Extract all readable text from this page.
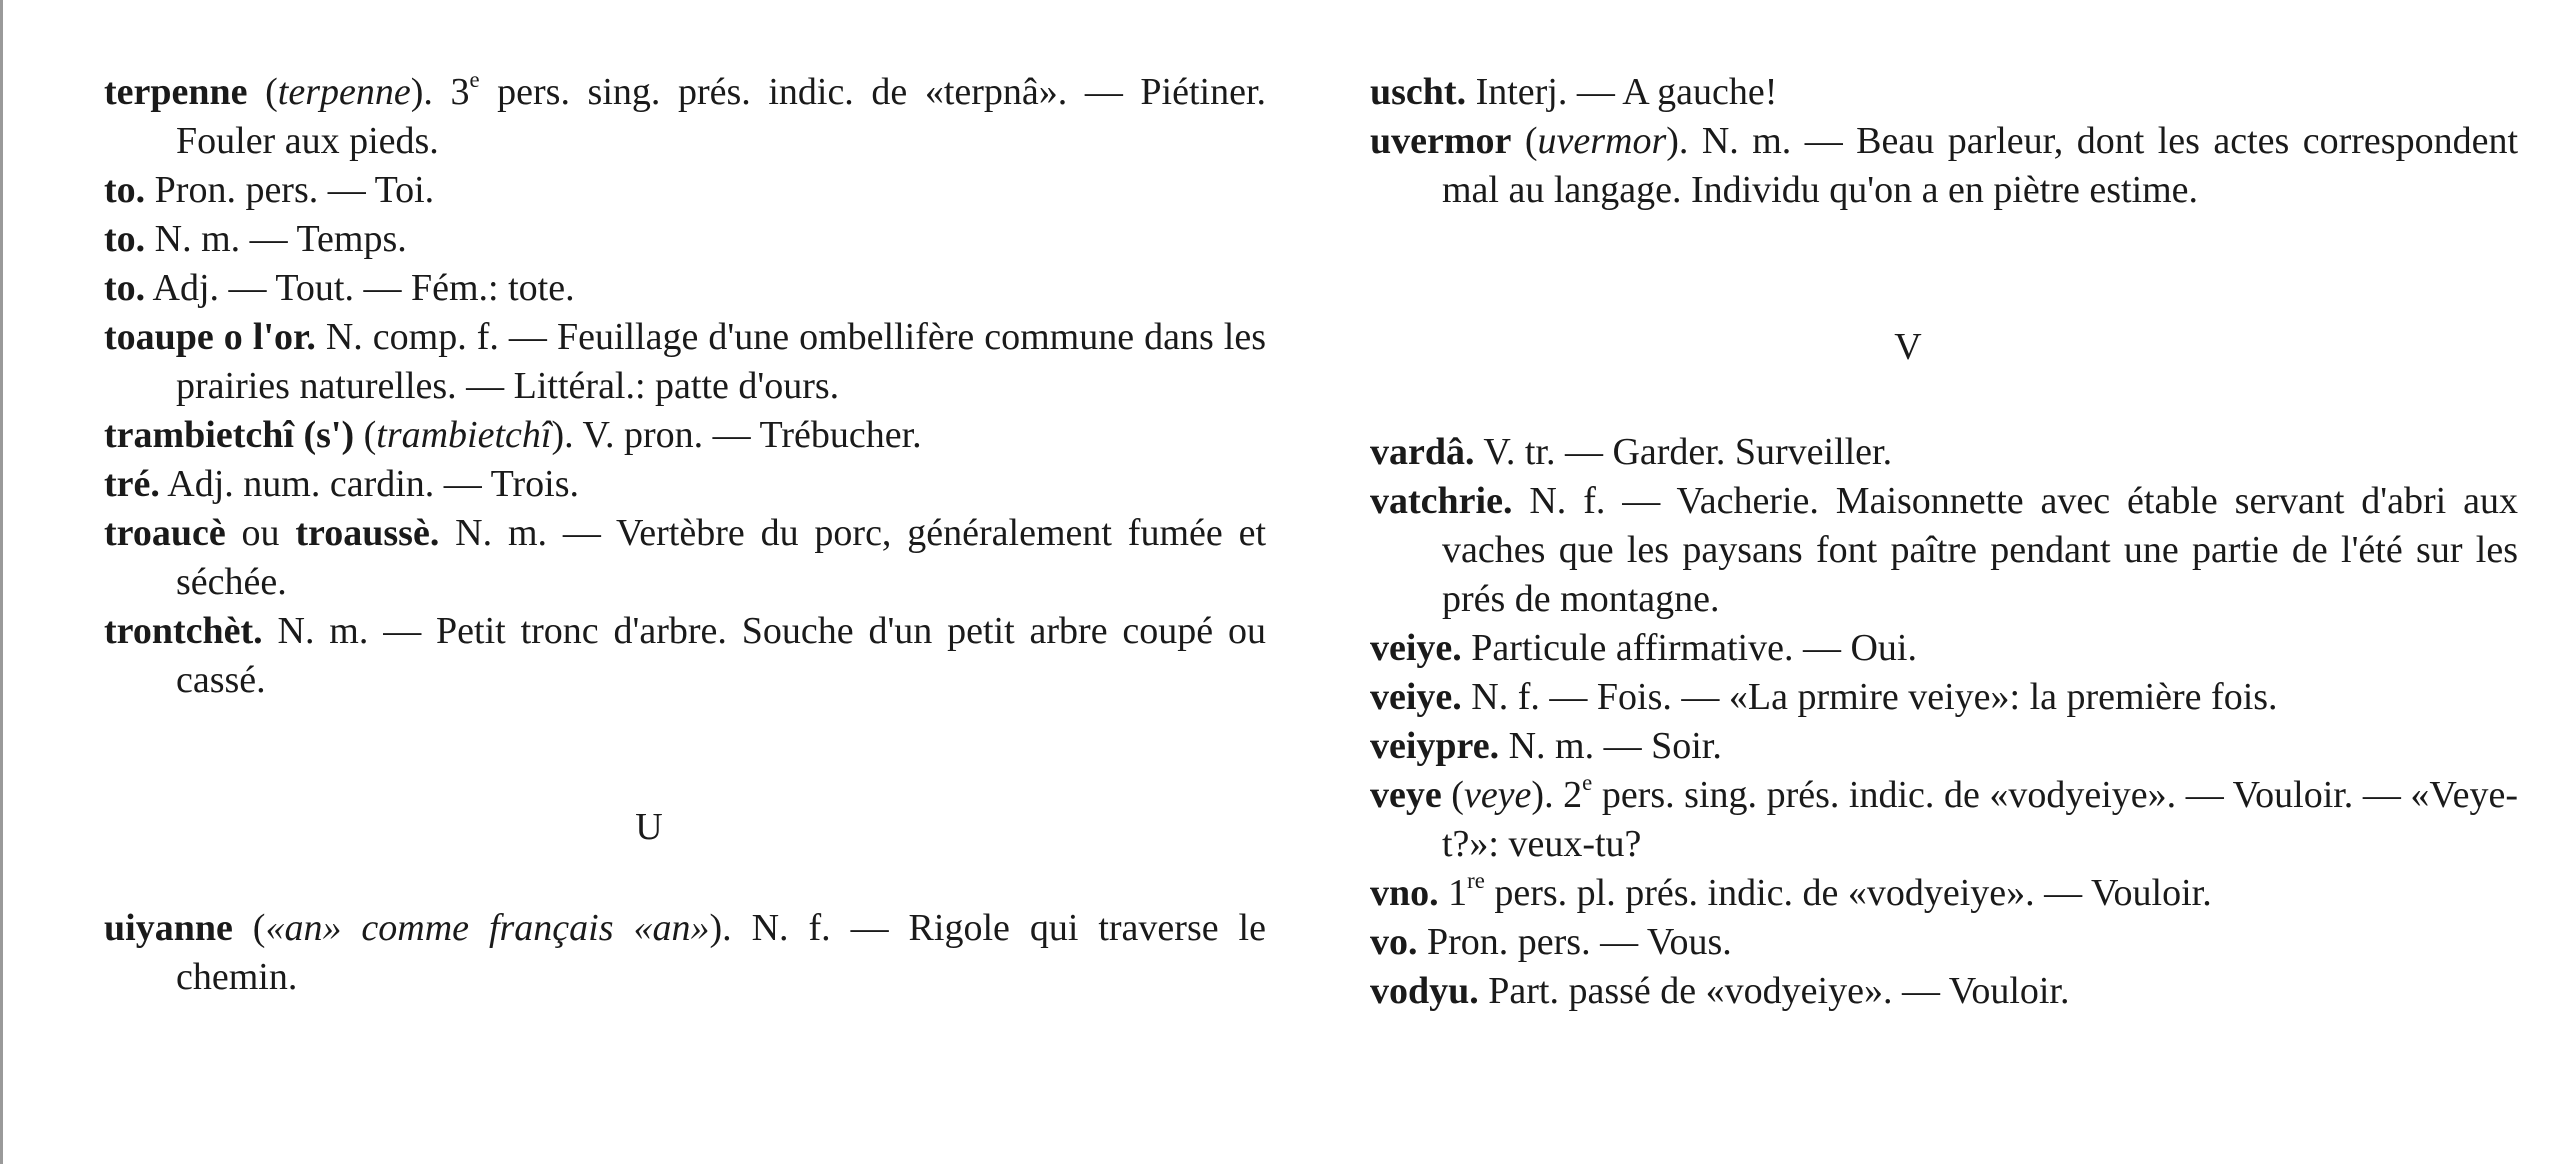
terpenne (terpenne). 3e pers. sing. prés. indic. de «terpnâ». — Piétiner. Fouler aux pieds.

to. Pron. pers. — Toi.

to. N. m. — Temps.

to. Adj. — Tout. — Fém.: tote.

toaupe o l'or. N. comp. f. — Feuillage d'une ombellifère commune dans les prairies naturelles. — Littéral.: patte d'ours.

trambietchî (s') (trambietchî). V. pron. — Trébucher.

tré. Adj. num. cardin. — Trois.

troaucè ou troaussè. N. m. — Vertèbre du porc, généralement fumée et séchée.

trontchèt. N. m. — Petit tronc d'arbre. Souche d'un petit arbre coupé ou cassé.

U

uiyanne («an» comme français «an»). N. f. — Rigole qui traverse le chemin.

uscht. Interj. — A gauche!

uvermor (uvermor). N. m. — Beau parleur, dont les actes correspondent mal au langage. Individu qu'on a en piètre estime.

V

vardâ. V. tr. — Garder. Surveiller.

vatchrie. N. f. — Vacherie. Maisonnette avec étable servant d'abri aux vaches que les paysans font paître pendant une partie de l'été sur les prés de montagne.

veiye. Particule affirmative. — Oui.

veiye. N. f. — Fois. — «La prmire veiye»: la première fois.

veiypre. N. m. — Soir.

veye (veye). 2e pers. sing. prés. indic. de «vodyeiye». — Vouloir. — «Veye-t?»: veux-tu?

vno. 1re pers. pl. prés. indic. de «vodyeiye». — Vouloir.

vo. Pron. pers. — Vous.

vodyu. Part. passé de «vodyeiye». — Vouloir.
